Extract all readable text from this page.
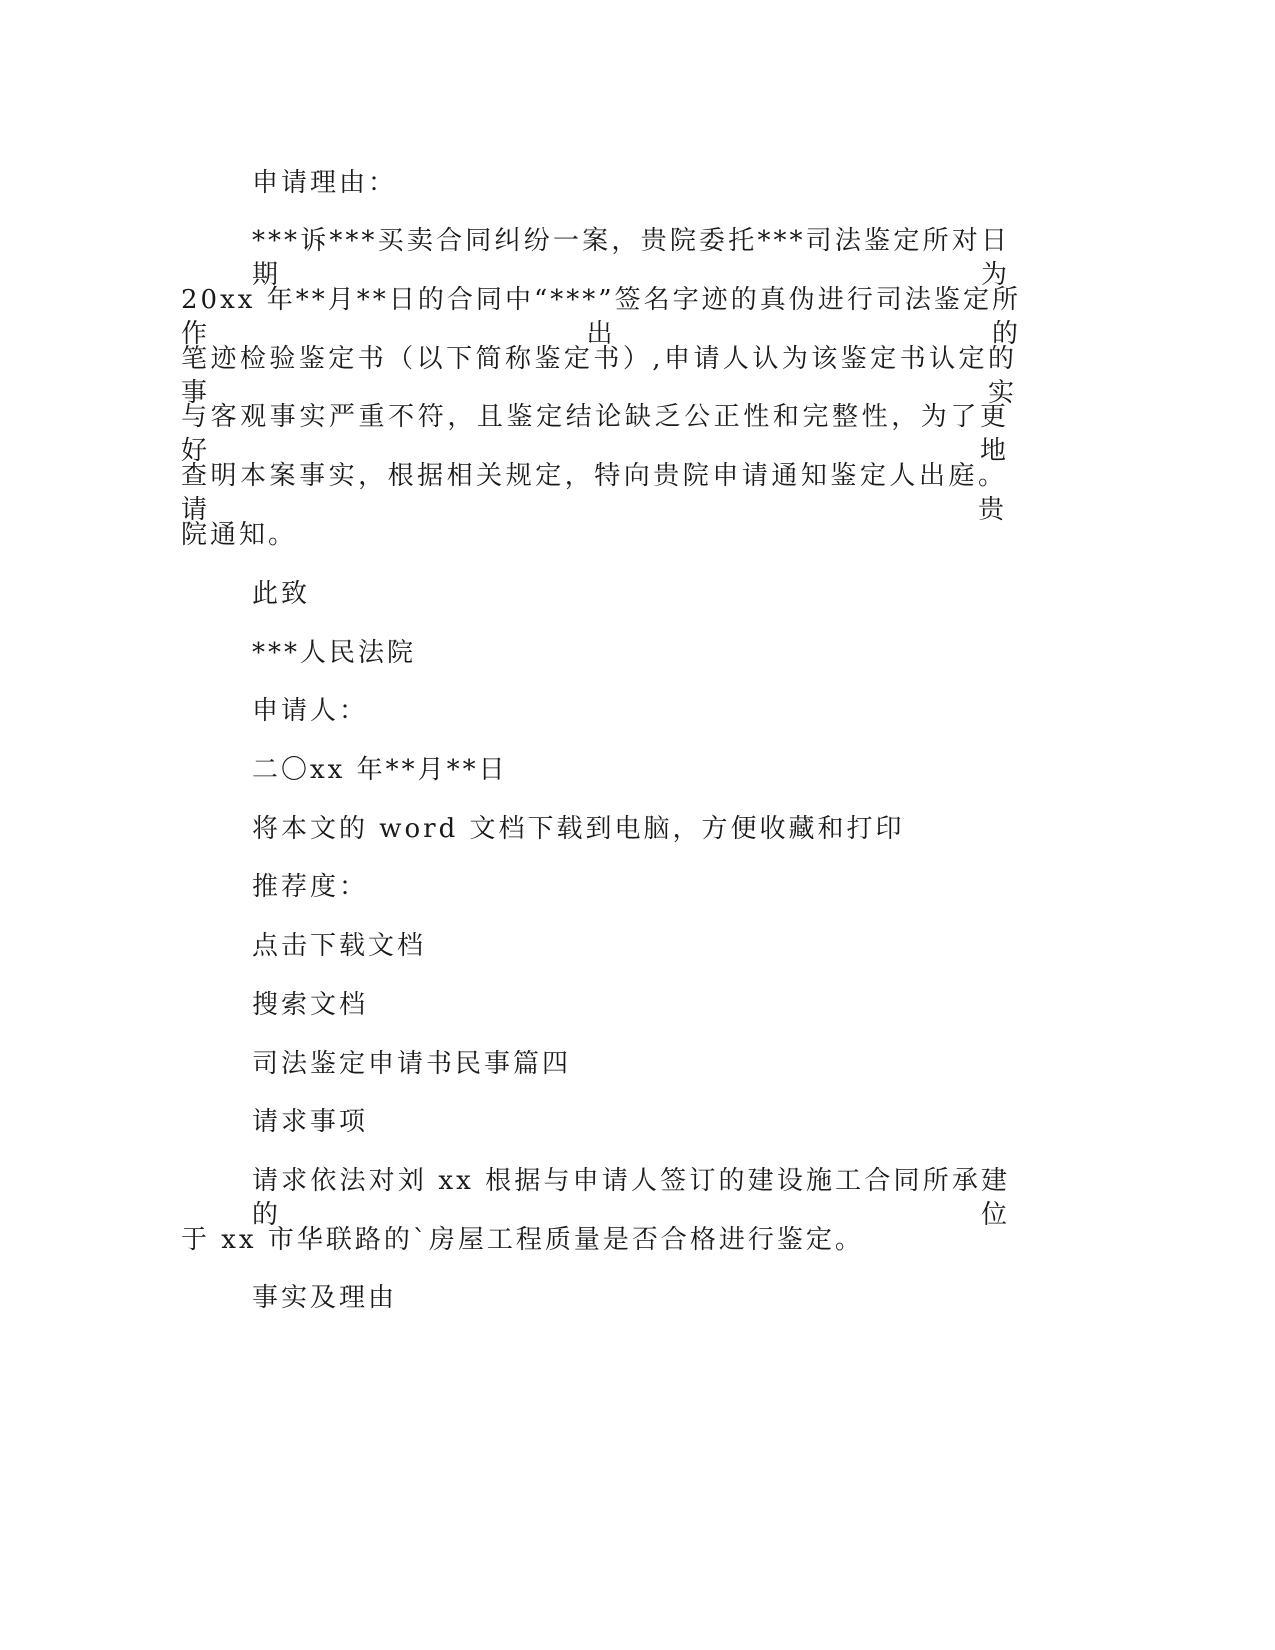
申请理由：
***诉***买卖合同纠纷一案，贵院委托***司法鉴定所对日期为
20xx 年**月**日的合同中“***”签名字迹的真伪进行司法鉴定所作出的
笔迹检验鉴定书（以下简称鉴定书）,申请人认为该鉴定书认定的事实
与客观事实严重不符，且鉴定结论缺乏公正性和完整性，为了更好地
查明本案事实，根据相关规定，特向贵院申请通知鉴定人出庭。请贵
院通知。
此致
***人民法院
申请人：
二〇xx 年**月**日
将本文的 word 文档下载到电脑，方便收藏和打印
推荐度：
点击下载文档
搜索文档
司法鉴定申请书民事篇四
请求事项
请求依法对刘 xx 根据与申请人签订的建设施工合同所承建的位
于 xx 市华联路的`房屋工程质量是否合格进行鉴定。
事实及理由
